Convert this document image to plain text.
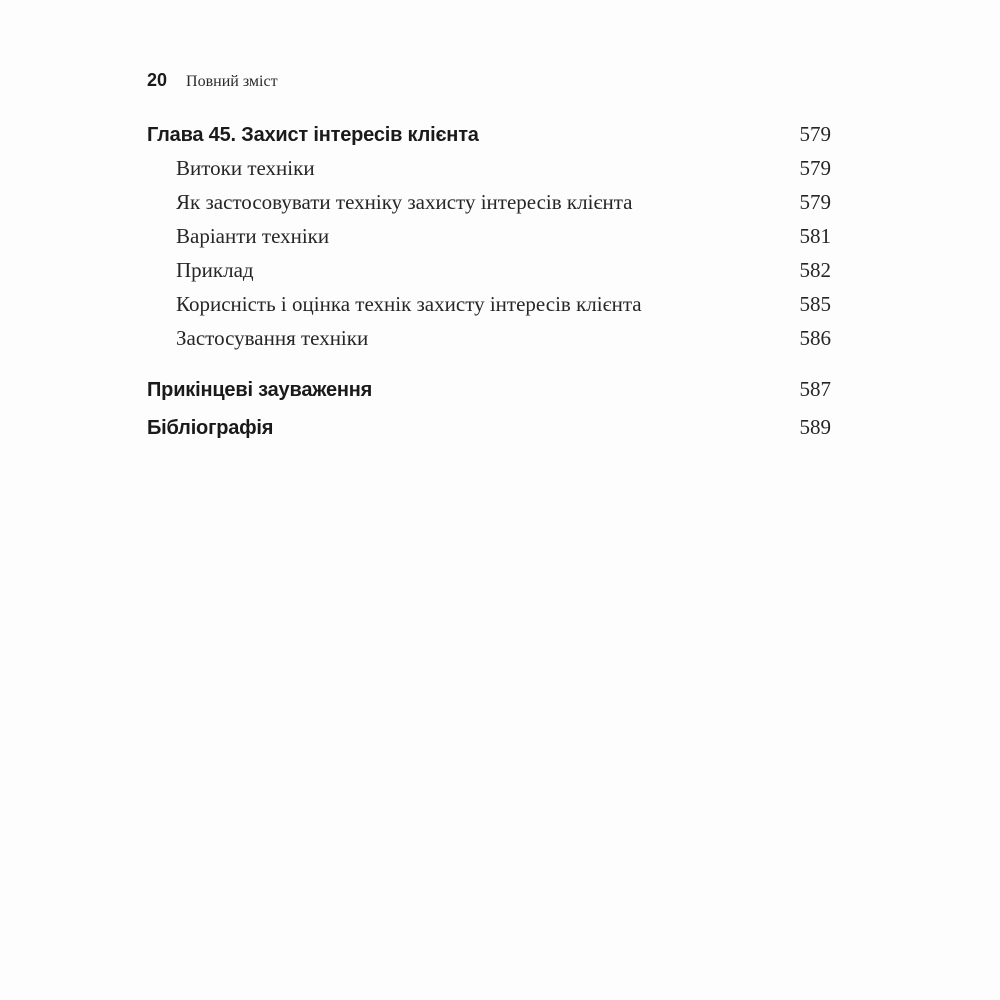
20 Повний зміст
Глава 45. Захист інтересів клієнта	579
Витоки техніки	579
Як застосовувати техніку захисту інтересів клієнта	579
Варіанти техніки	581
Приклад	582
Корисність і оцінка технік захисту інтересів клієнта	585
Застосування техніки	586
Прикінцеві зауваження	587
Бібліографія	589
